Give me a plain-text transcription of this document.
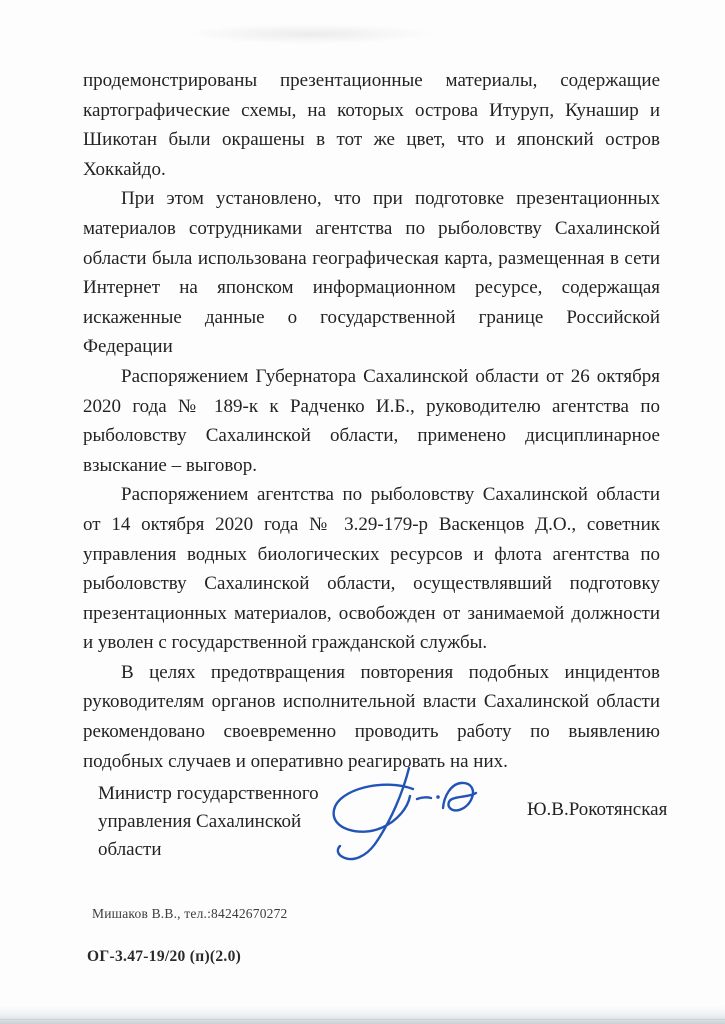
продемонстрированы презентационные материалы, содержащие картографические схемы, на которых острова Итуруп, Кунашир и Шикотан были окрашены в тот же цвет, что и японский остров Хоккайдо.

При этом установлено, что при подготовке презентационных материалов сотрудниками агентства по рыболовству Сахалинской области была использована географическая карта, размещенная в сети Интернет на японском информационном ресурсе, содержащая искаженные данные о государственной границе Российской Федерации

Распоряжением Губернатора Сахалинской области от 26 октября 2020 года № 189-к к Радченко И.Б., руководителю агентства по рыболовству Сахалинской области, применено дисциплинарное взыскание – выговор.

Распоряжением агентства по рыболовству Сахалинской области от 14 октября 2020 года № 3.29-179-р Васкенцов Д.О., советник управления водных биологических ресурсов и флота агентства по рыболовству Сахалинской области, осуществлявший подготовку презентационных материалов, освобожден от занимаемой должности и уволен с государственной гражданской службы.

В целях предотвращения повторения подобных инцидентов руководителям органов исполнительной власти Сахалинской области рекомендовано своевременно проводить работу по выявлению подобных случаев и оперативно реагировать на них.

Министр государственного управления Сахалинской области
Ю.В.Рокотянская
Мишаков В.В., тел.:84242670272
ОГ-3.47-19/20 (п)(2.0)
